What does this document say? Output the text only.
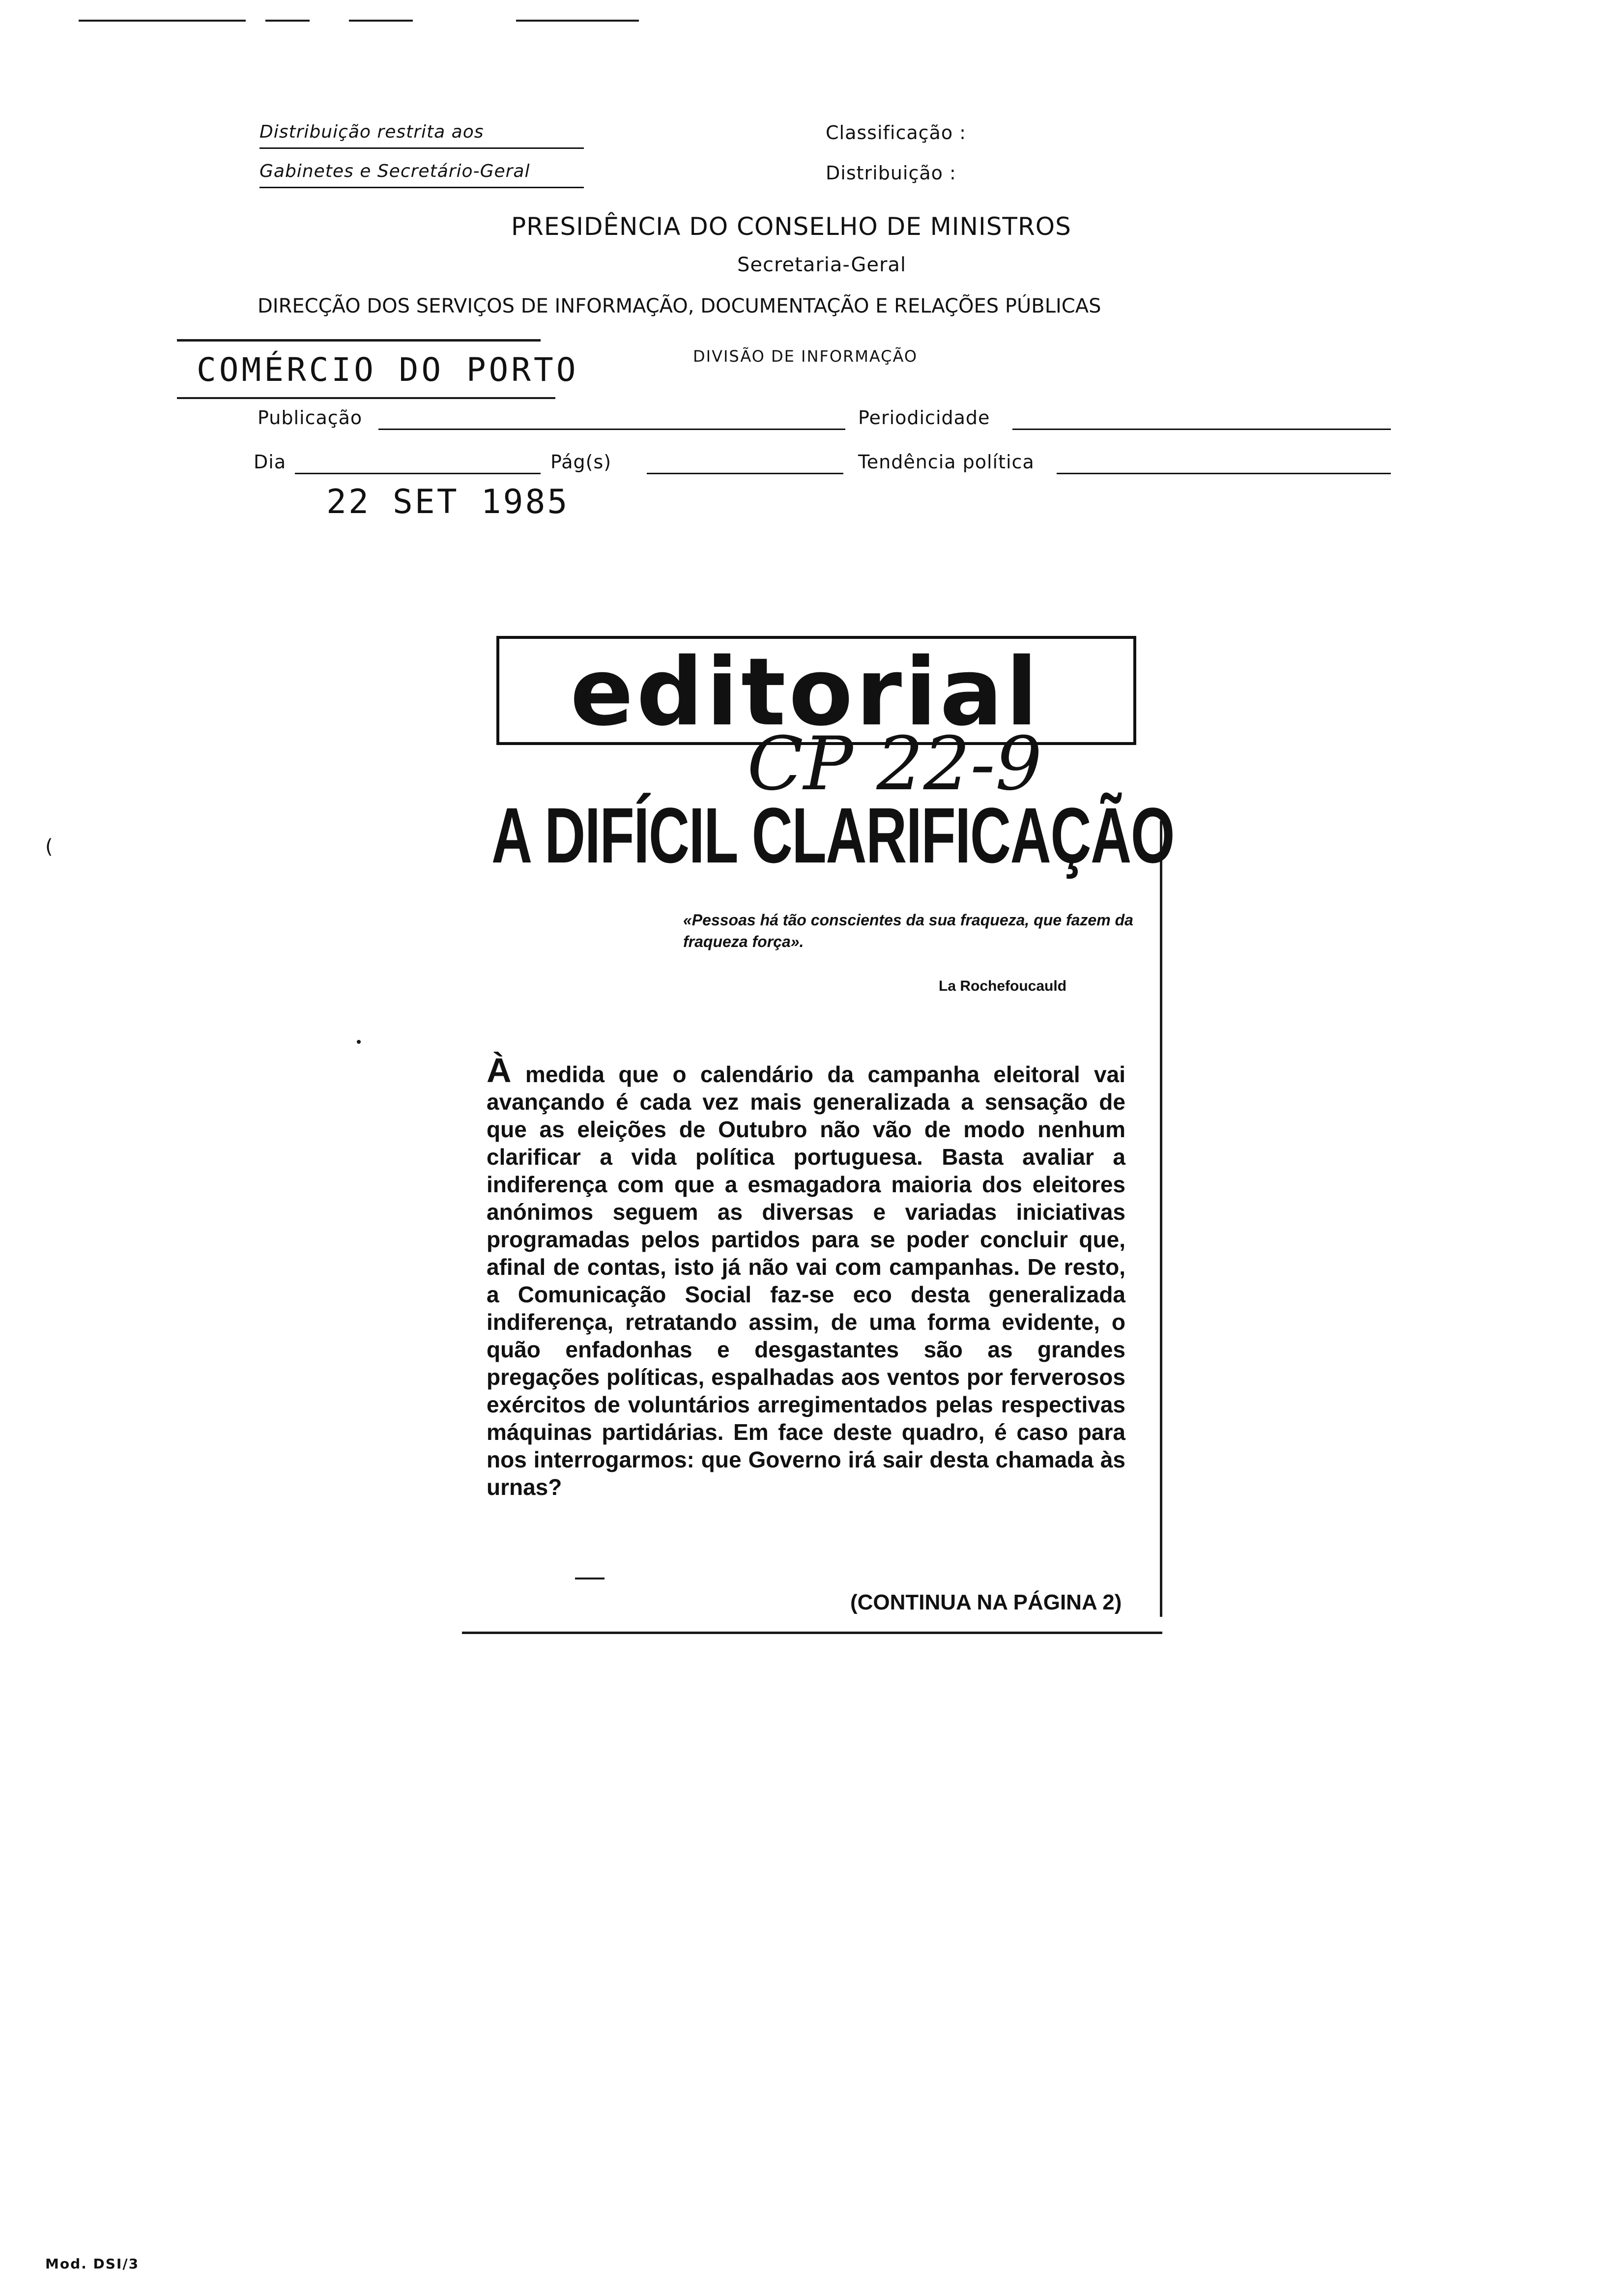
Distribuição restrita aos
Gabinetes e Secretário-Geral
Classificação :
Distribuição :
PRESIDÊNCIA DO CONSELHO DE MINISTROS
Secretaria-Geral
DIRECÇÃO DOS SERVIÇOS DE INFORMAÇÃO, DOCUMENTAÇÃO E RELAÇÕES PÚBLICAS
COMÉRCIO DO PORTO	DIVISÃO DE INFORMAÇÃO
Publicação	Periodicidade
Dia	Pág(s)	Tendência política
22 SET 1985
(
editorial
CP 22-9
A DIFÍCIL CLARIFICAÇÃO
«Pessoas há tão conscientes da sua fraqueza, que fazem da fraqueza força».
La Rochefoucauld
À medida que o calendário da campanha eleitoral vai avançando é cada vez mais generalizada a sensação de que as eleições de Outubro não vão de modo nenhum clarificar a vida política portuguesa. Basta avaliar a indiferença com que a esmagadora maioria dos eleitores anónimos seguem as diversas e variadas iniciativas programadas pelos partidos para se poder concluir que, afinal de contas, isto já não vai com campanhas. De resto, a Comunicação Social faz-se eco desta generalizada indiferença, retratando assim, de uma forma evidente, o quão enfadonhas e desgastantes são as grandes pregações políticas, espalhadas aos ventos por ferverosos exércitos de voluntários arregimentados pelas respectivas máquinas partidárias. Em face deste quadro, é caso para nos interrogarmos: que Governo irá sair desta chamada às urnas?
(CONTINUA NA PÁGINA 2)
Mod. DSI/3
